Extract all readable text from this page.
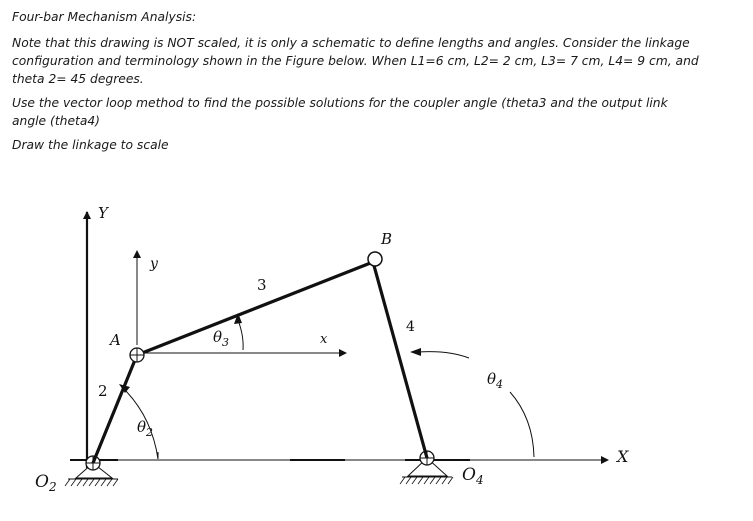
Four-bar Mechanism Analysis:

Note that this drawing is NOT scaled, it is only a schematic to define lengths and angles. Consider the linkage configuration and terminology shown in the Figure below. When L1=6 cm, L2= 2 cm, L3= 7 cm, L4= 9 cm, and theta 2= 45 degrees.

Use the vector loop method to find the possible solutions for the coupler angle (theta3 and the output link angle (theta4)

Draw the linkage to scale

Y
X
$O_2$
$O_4$
2
3
4
A
B
y
x
$\theta_2$
$\theta_3$
$\theta_4$
